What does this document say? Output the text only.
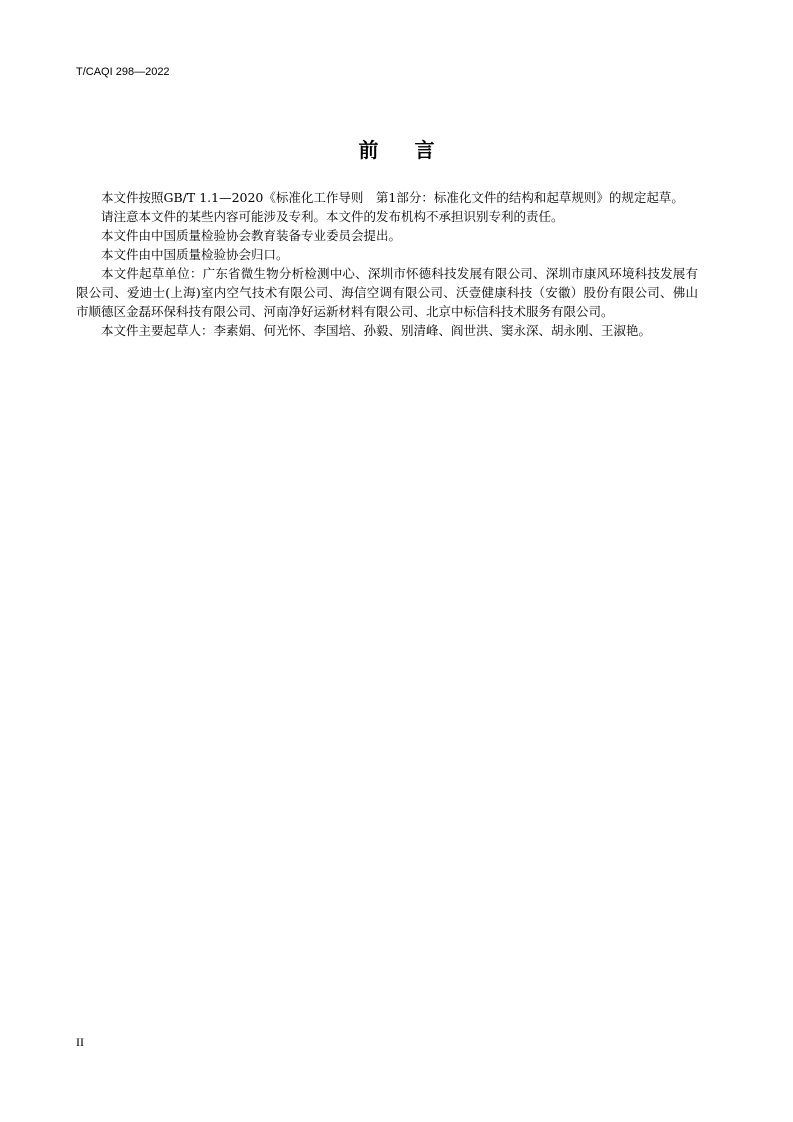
T/CAQI 298—2022
前言

本文件按照GB/T 1.1—2020《标准化工作导则　第1部分：标准化文件的结构和起草规则》的规定起草。

请注意本文件的某些内容可能涉及专利。本文件的发布机构不承担识别专利的责任。

本文件由中国质量检验协会教育装备专业委员会提出。

本文件由中国质量检验协会归口。

本文件起草单位：广东省微生物分析检测中心、深圳市怀德科技发展有限公司、深圳市康风环境科技发展有限公司、爱迪士(上海)室内空气技术有限公司、海信空调有限公司、沃壹健康科技（安徽）股份有限公司、佛山市顺德区金磊环保科技有限公司、河南净好运新材料有限公司、北京中标信科技术服务有限公司。

本文件主要起草人：李素娟、何光怀、李国培、孙毅、别清峰、阎世洪、窦永深、胡永刚、王淑艳。

II
